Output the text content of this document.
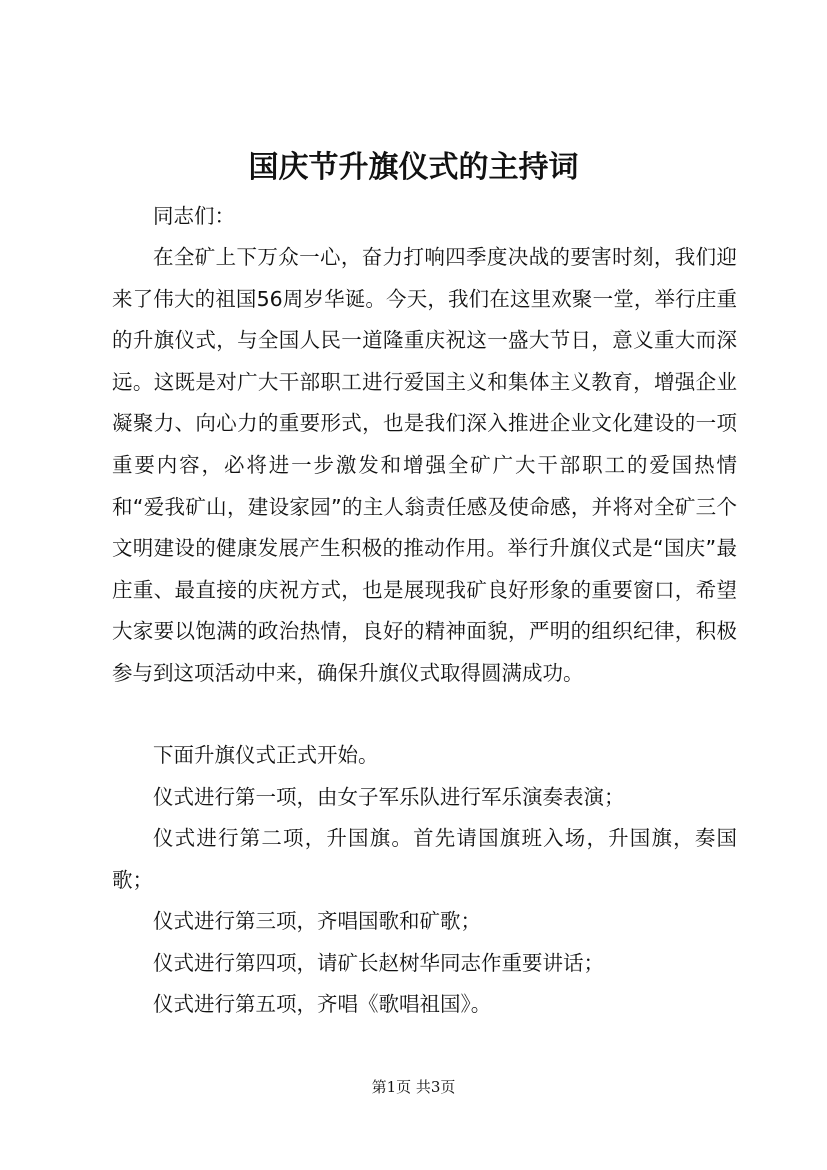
国庆节升旗仪式的主持词

同志们：

在全矿上下万众一心，奋力打响四季度决战的要害时刻，我们迎来了伟大的祖国56周岁华诞。今天，我们在这里欢聚一堂，举行庄重的升旗仪式，与全国人民一道隆重庆祝这一盛大节日，意义重大而深远。这既是对广大干部职工进行爱国主义和集体主义教育，增强企业凝聚力、向心力的重要形式，也是我们深入推进企业文化建设的一项重要内容，必将进一步激发和增强全矿广大干部职工的爱国热情和“爱我矿山，建设家园”的主人翁责任感及使命感，并将对全矿三个文明建设的健康发展产生积极的推动作用。举行升旗仪式是“国庆”最庄重、最直接的庆祝方式，也是展现我矿良好形象的重要窗口，希望大家要以饱满的政治热情，良好的精神面貌，严明的组织纪律，积极参与到这项活动中来，确保升旗仪式取得圆满成功。

下面升旗仪式正式开始。

仪式进行第一项，由女子军乐队进行军乐演奏表演；

仪式进行第二项，升国旗。首先请国旗班入场，升国旗，奏国歌；

仪式进行第三项，齐唱国歌和矿歌；

仪式进行第四项，请矿长赵树华同志作重要讲话；

仪式进行第五项，齐唱《歌唱祖国》。

第1页 共3页
